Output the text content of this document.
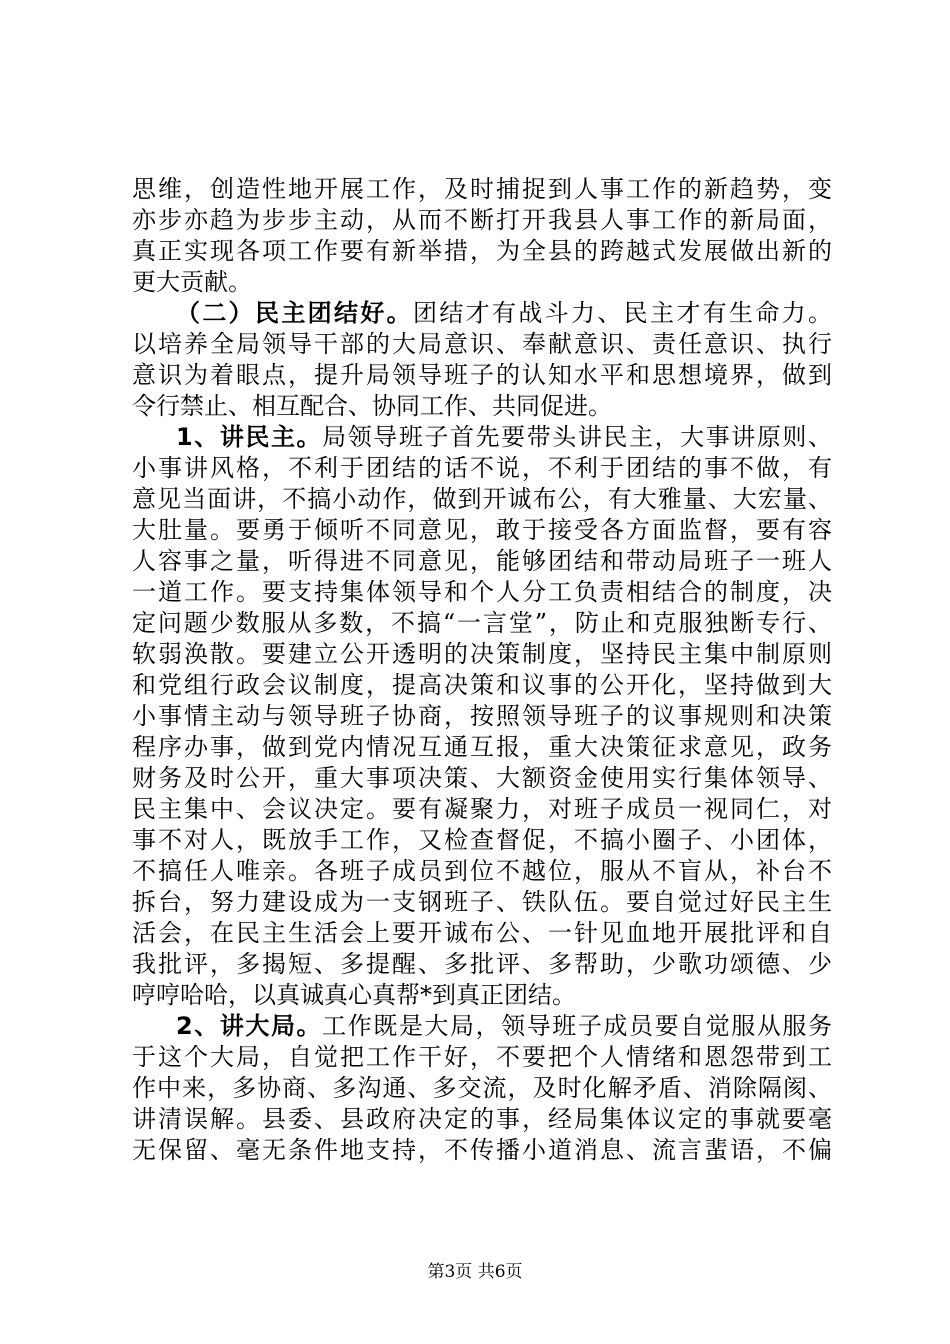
思维，创造性地开展工作，及时捕捉到人事工作的新趋势，变
亦步亦趋为步步主动，从而不断打开我县人事工作的新局面，
真正实现各项工作要有新举措，为全县的跨越式发展做出新的
更大贡献。
（二）民主团结好。团结才有战斗力、民主才有生命力。
以培养全局领导干部的大局意识、奉献意识、责任意识、执行
意识为着眼点，提升局领导班子的认知水平和思想境界，做到
令行禁止、相互配合、协同工作、共同促进。
1、讲民主。局领导班子首先要带头讲民主，大事讲原则、
小事讲风格，不利于团结的话不说，不利于团结的事不做，有
意见当面讲，不搞小动作，做到开诚布公，有大雅量、大宏量、
大肚量。要勇于倾听不同意见，敢于接受各方面监督，要有容
人容事之量，听得进不同意见，能够团结和带动局班子一班人
一道工作。要支持集体领导和个人分工负责相结合的制度，决
定问题少数服从多数，不搞“一言堂”，防止和克服独断专行、
软弱涣散。要建立公开透明的决策制度，坚持民主集中制原则
和党组行政会议制度，提高决策和议事的公开化，坚持做到大
小事情主动与领导班子协商，按照领导班子的议事规则和决策
程序办事，做到党内情况互通互报，重大决策征求意见，政务
财务及时公开，重大事项决策、大额资金使用实行集体领导、
民主集中、会议决定。要有凝聚力，对班子成员一视同仁，对
事不对人，既放手工作，又检查督促，不搞小圈子、小团体，
不搞任人唯亲。各班子成员到位不越位，服从不盲从，补台不
拆台，努力建设成为一支钢班子、铁队伍。要自觉过好民主生
活会，在民主生活会上要开诚布公、一针见血地开展批评和自
我批评，多揭短、多提醒、多批评、多帮助，少歌功颂德、少
哼哼哈哈，以真诚真心真帮*到真正团结。
2、讲大局。工作既是大局，领导班子成员要自觉服从服务
于这个大局，自觉把工作干好，不要把个人情绪和恩怨带到工
作中来，多协商、多沟通、多交流，及时化解矛盾、消除隔阂、
讲清误解。县委、县政府决定的事，经局集体议定的事就要毫
无保留、毫无条件地支持，不传播小道消息、流言蜚语，不偏
第3页 共6页
